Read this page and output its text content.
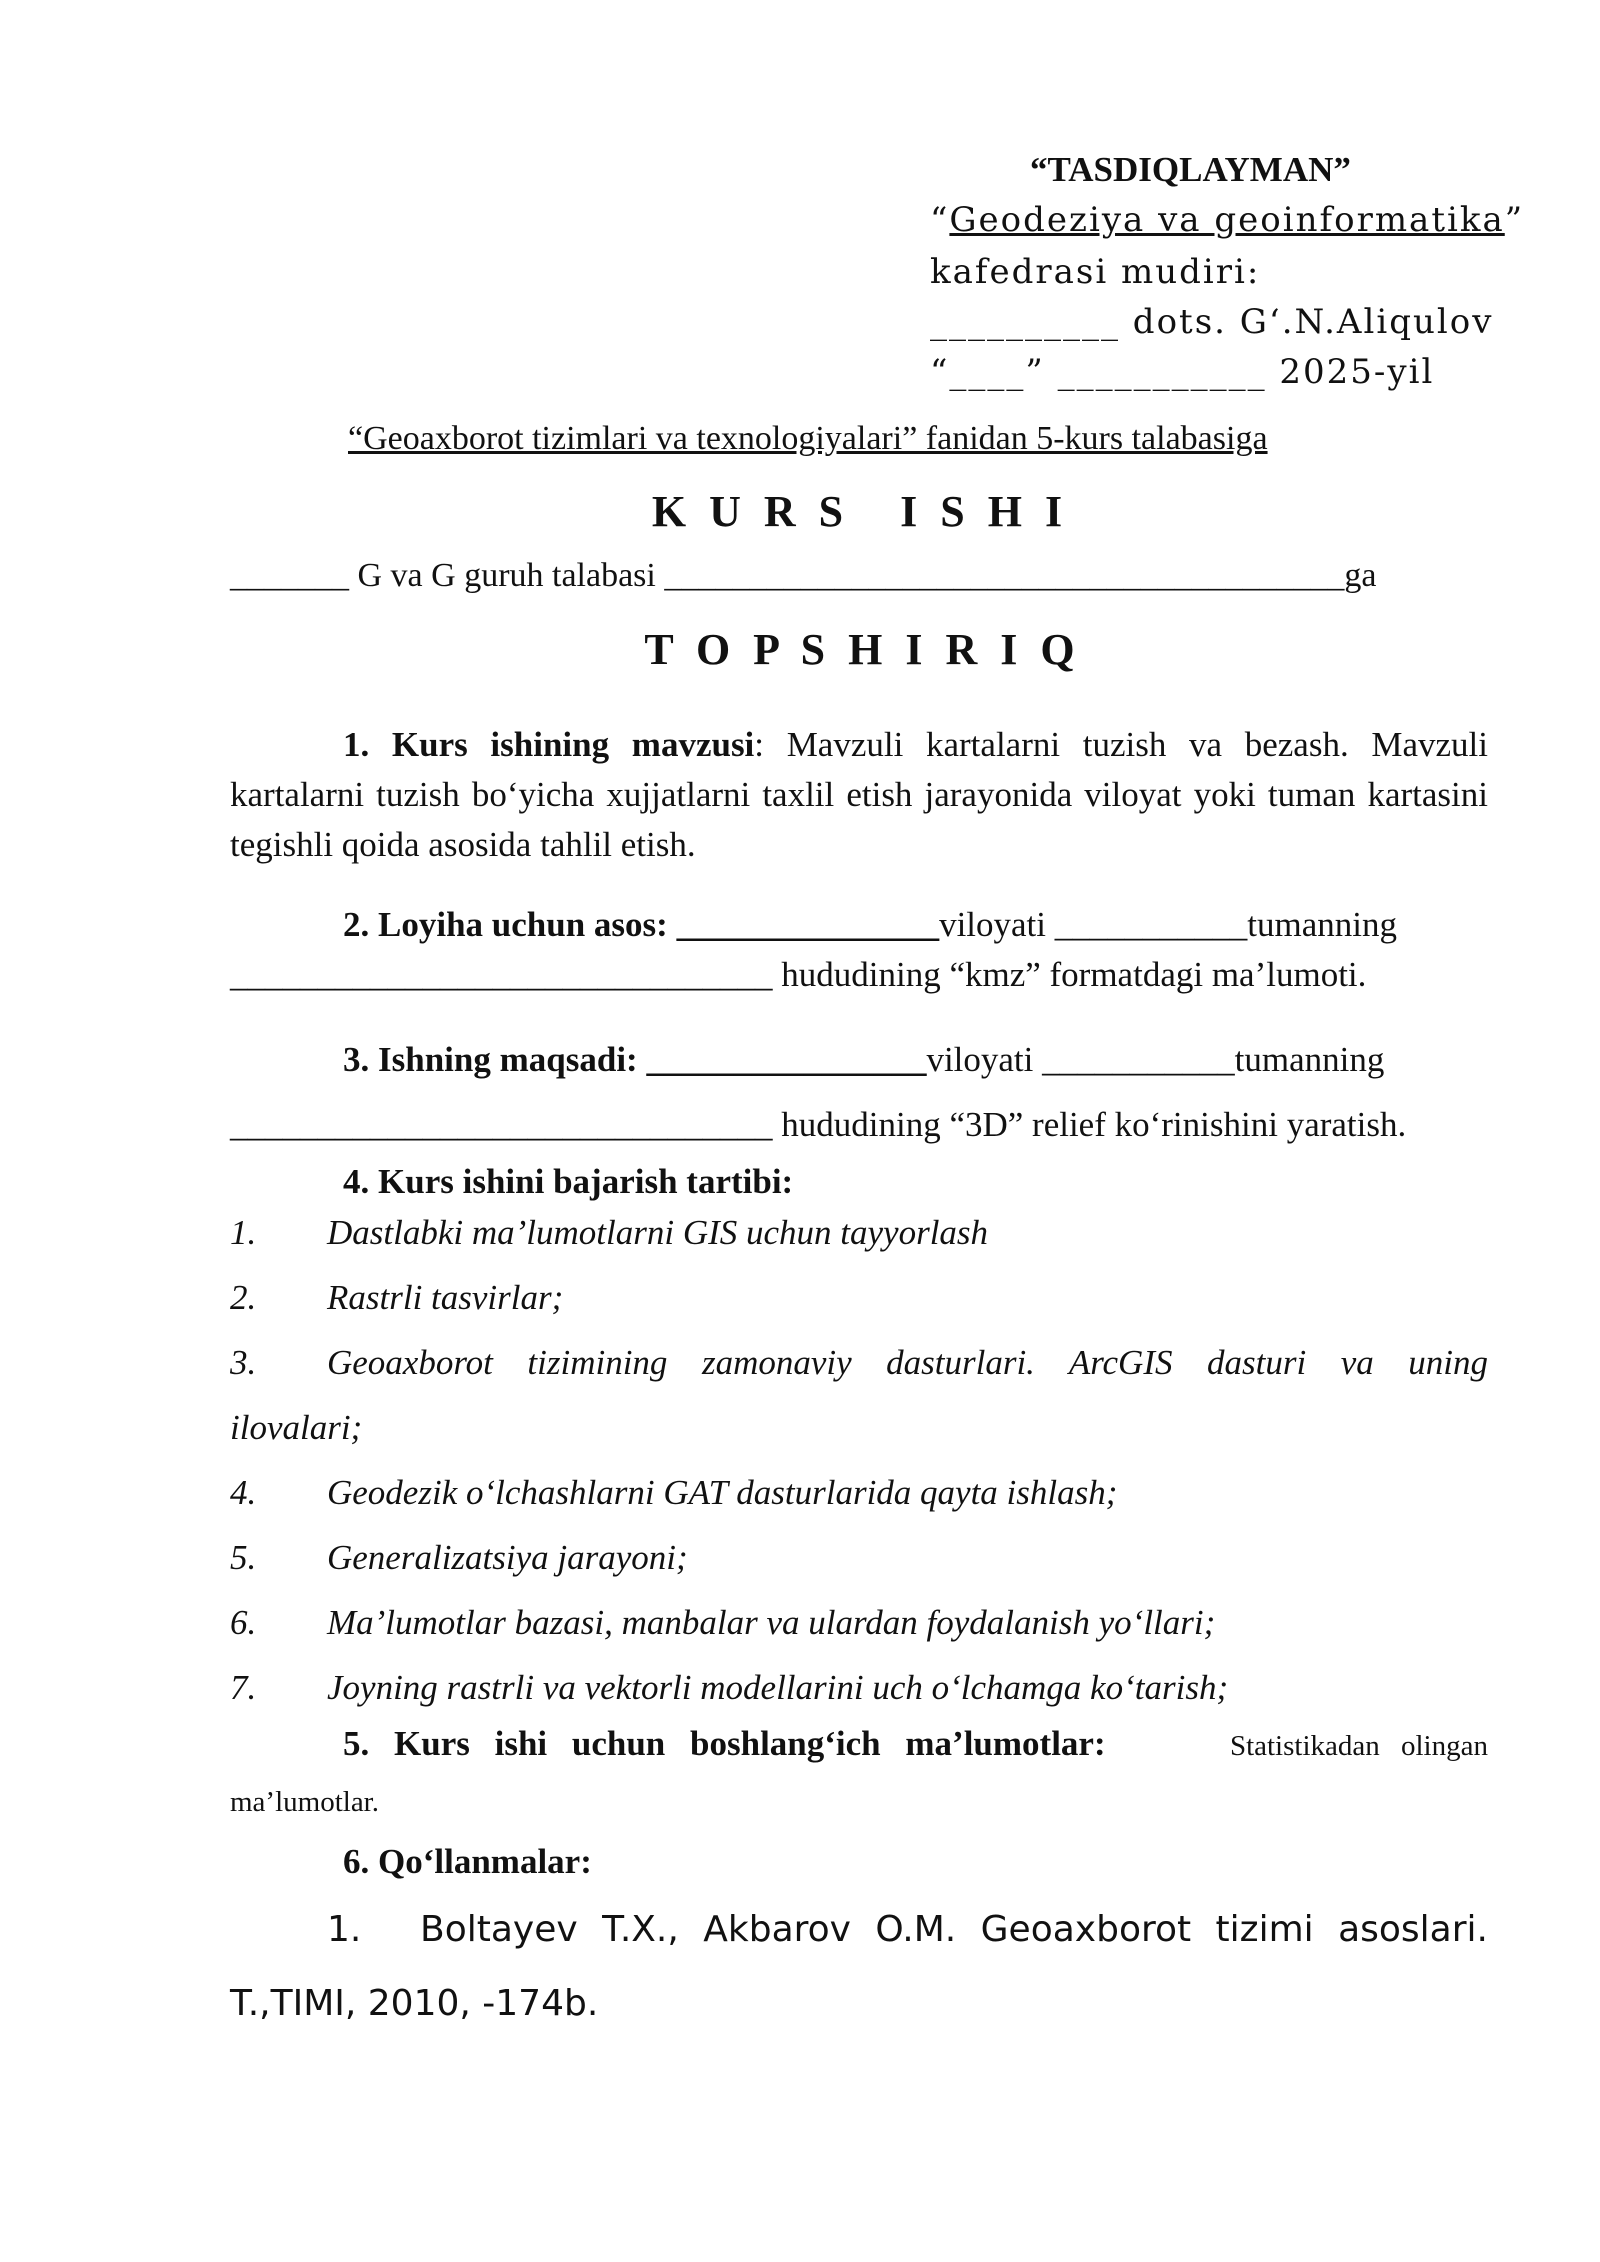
“TASDIQLAYMAN”
“Geodeziya va geoinformatika”
kafedrasi mudiri:
__________ dots. G‘.N.Aliqulov
“____” ___________ 2025-yil
“Geoaxborot tizimlari va texnologiyalari” fanidan 5-kurs talabasiga
K U R S   I S H I
_______ G va G guruh talabasi ________________________________________ga
T O P S H I R I Q

1. Kurs ishining mavzusi: Mavzuli kartalarni tuzish va bezash. Mavzuli kartalarni tuzish bo‘yicha xujjatlarni taxlil etish jarayonida viloyat yoki tuman kartasini tegishli qoida asosida tahlil etish.

2. Loyiha uchun asos: _______________viloyati ___________tumanning

_______________________________ hududining “kmz” formatdagi ma’lumoti.

3. Ishning maqsadi: ________________viloyati ___________tumanning

_______________________________ hududining “3D” relief ko‘rinishini yaratish.

4. Kurs ishini bajarish tartibi:
1. Dastlabki ma’lumotlarni GIS uchun tayyorlash
2. Rastrli tasvirlar;
3. Geoaxborot tizimining zamonaviy dasturlari. ArcGIS dasturi va uning
ilovalari;
4. Geodezik o‘lchashlarni GAT dasturlarida qayta ishlash;
5. Generalizatsiya jarayoni;
6. Ma’lumotlar bazasi, manbalar va ulardan foydalanish yo‘llari;
7. Joyning rastrli va vektorli modellarini uch o‘lchamga ko‘tarish;
5. Kurs ishi uchun boshlang‘ich ma’lumotlar:	Statistikadan olingan
ma’lumotlar.
6. Qo‘llanmalar:
1. Boltayev T.X., Akbarov O.M. Geoaxborot tizimi asoslari.
T.,TIMI, 2010, -174b.
